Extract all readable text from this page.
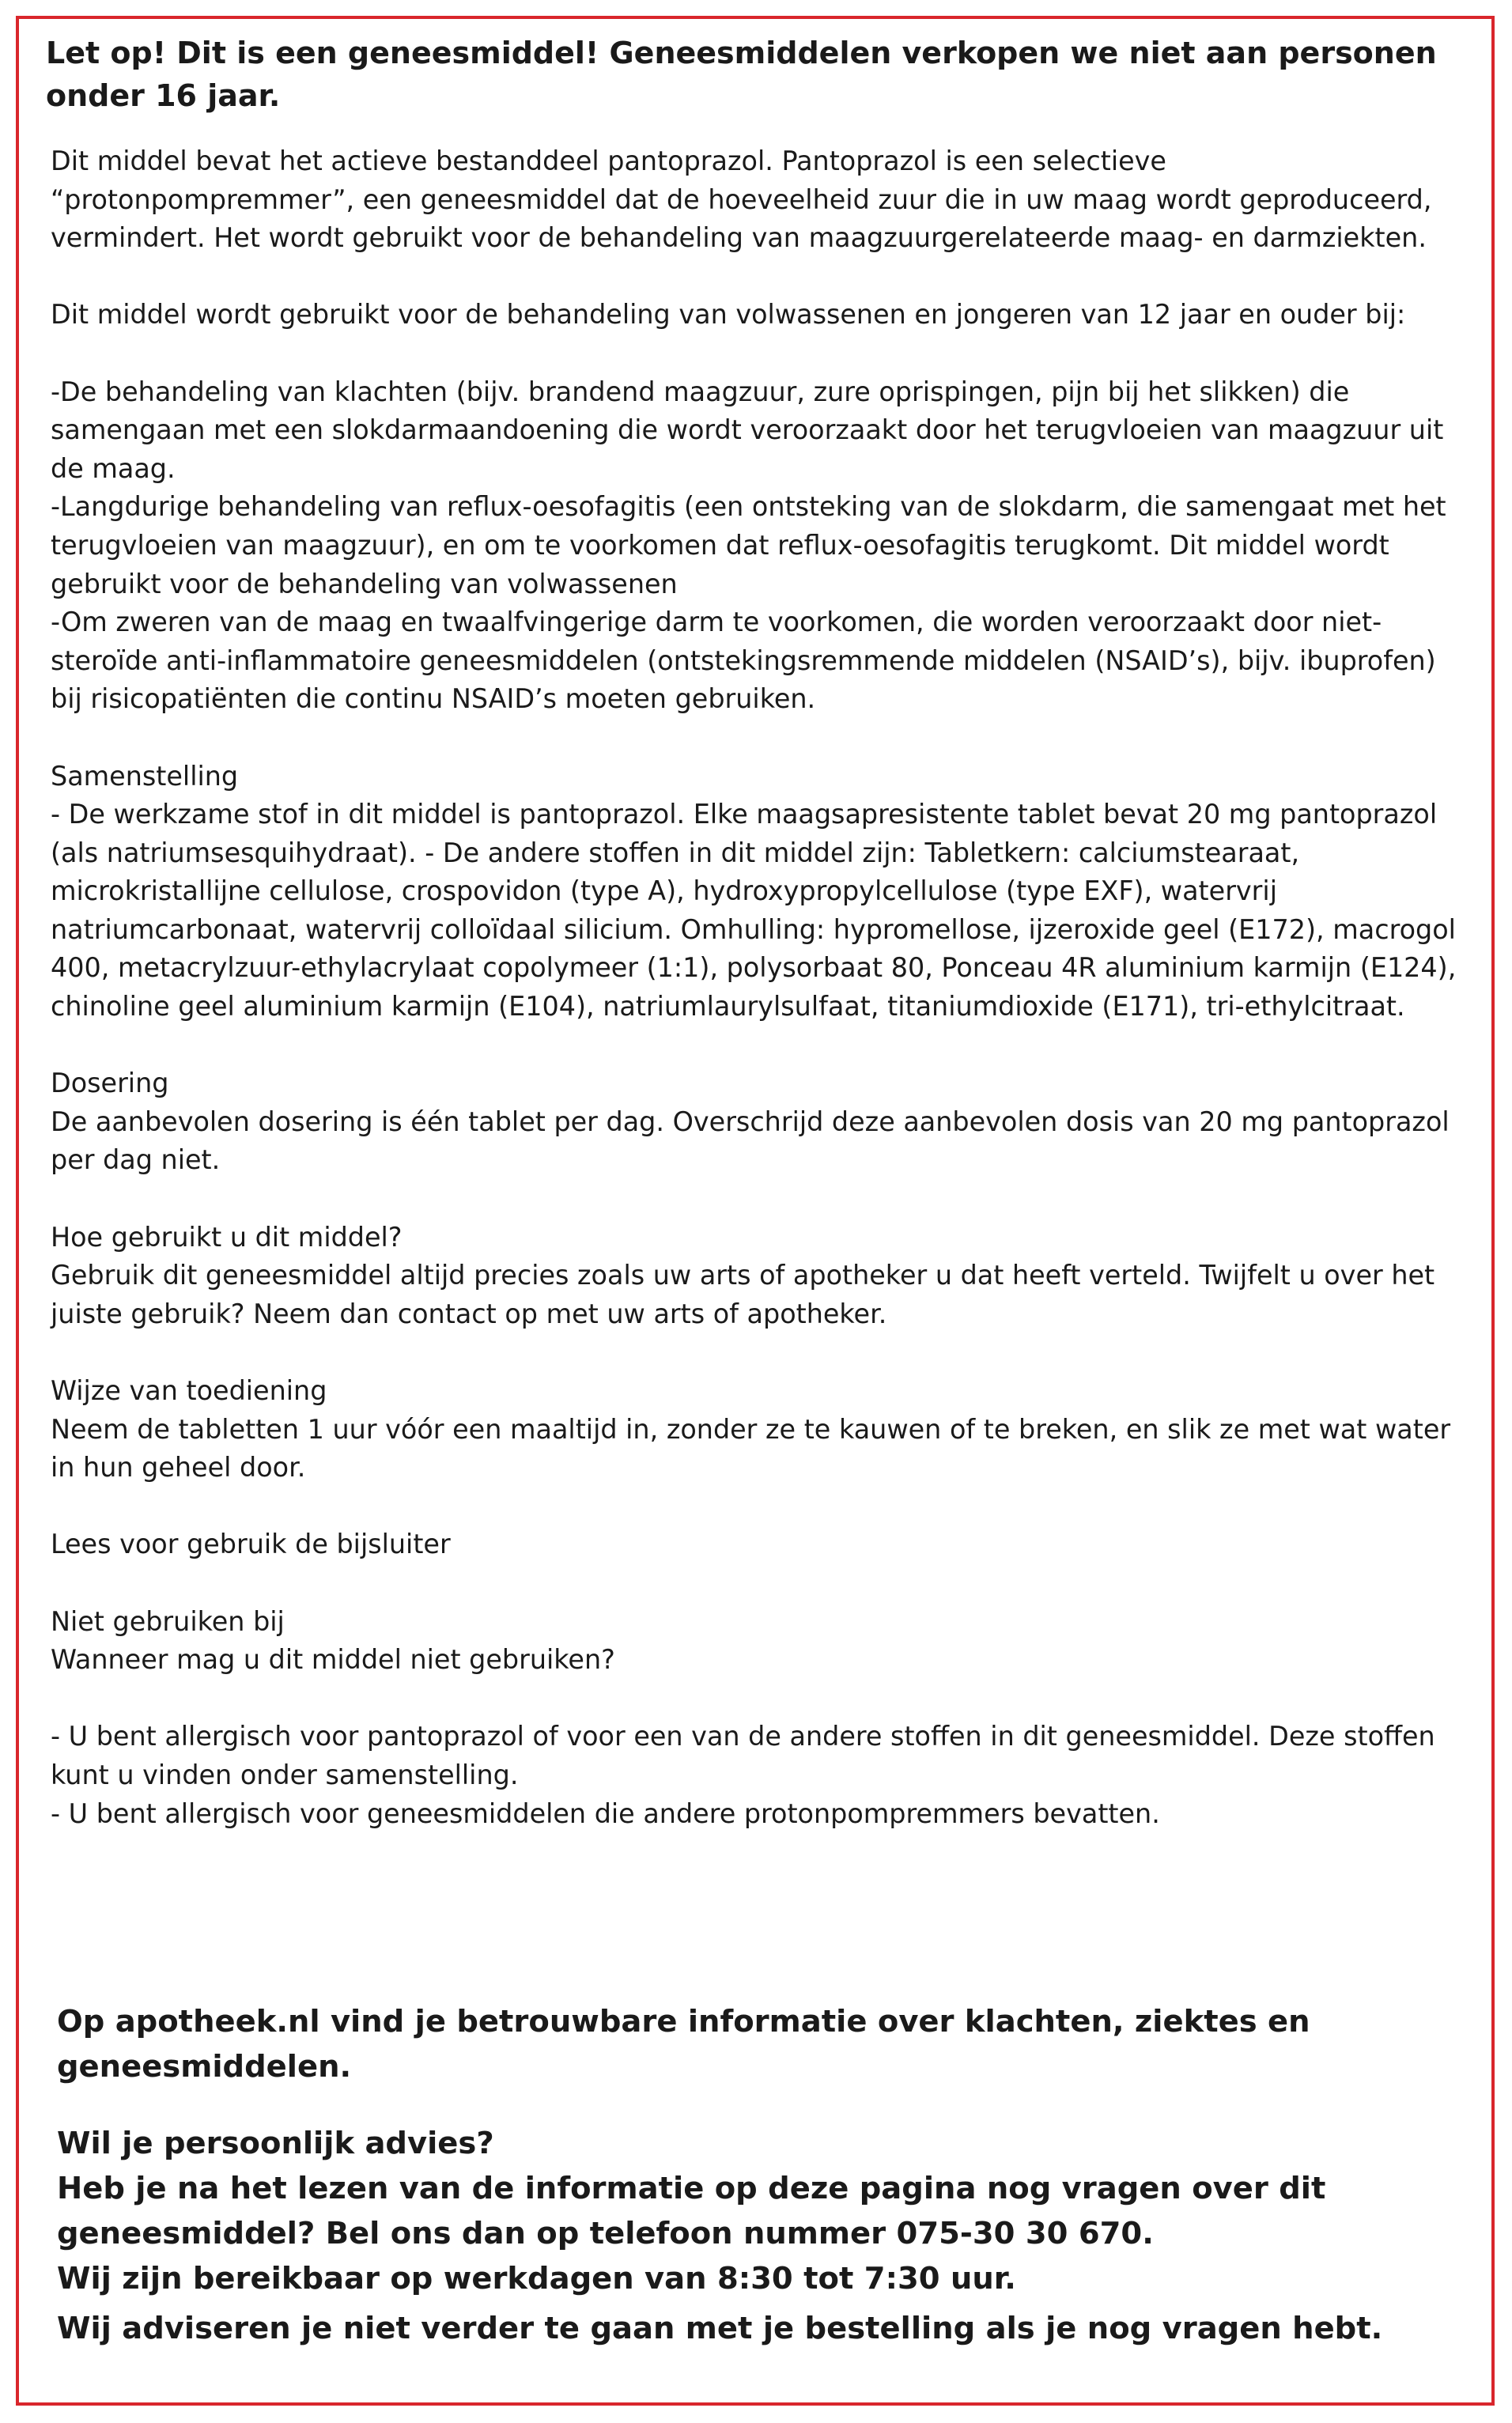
Let op! Dit is een geneesmiddel! Geneesmiddelen verkopen we niet aan personen onder 16 jaar.

Dit middel bevat het actieve bestanddeel pantoprazol. Pantoprazol is een selectieve “protonpompremmer”, een geneesmiddel dat de hoeveelheid zuur die in uw maag wordt geproduceerd, vermindert. Het wordt gebruikt voor de behandeling van maagzuurgerelateerde maag- en darmziekten.

Dit middel wordt gebruikt voor de behandeling van volwassenen en jongeren van 12 jaar en ouder bij:

-De behandeling van klachten (bijv. brandend maagzuur, zure oprispingen, pijn bij het slikken) die samengaan met een slokdarmaandoening die wordt veroorzaakt door het terugvloeien van maagzuur uit de maag.

-Langdurige behandeling van reflux-oesofagitis (een ontsteking van de slokdarm, die samengaat met het terugvloeien van maagzuur), en om te voorkomen dat reflux-oesofagitis terugkomt. Dit middel wordt gebruikt voor de behandeling van volwassenen

-Om zweren van de maag en twaalfvingerige darm te voorkomen, die worden veroorzaakt door niet-steroïde anti-inflammatoire geneesmiddelen (ontstekingsremmende middelen (NSAID’s), bijv. ibuprofen) bij risicopatiënten die continu NSAID’s moeten gebruiken.

Samenstelling

- De werkzame stof in dit middel is pantoprazol. Elke maagsapresistente tablet bevat 20 mg pantoprazol (als natriumsesquihydraat). - De andere stoffen in dit middel zijn: Tabletkern: calciumstearaat, microkristallijne cellulose, crospovidon (type A), hydroxypropylcellulose (type EXF), watervrij natriumcarbonaat, watervrij colloïdaal silicium. Omhulling: hypromellose, ijzeroxide geel (E172), macrogol 400, metacrylzuur-ethylacrylaat copolymeer (1:1), polysorbaat 80, Ponceau 4R aluminium karmijn (E124), chinoline geel aluminium karmijn (E104), natriumlaurylsulfaat, titaniumdioxide (E171), tri-ethylcitraat.

Dosering

De aanbevolen dosering is één tablet per dag. Overschrijd deze aanbevolen dosis van 20 mg pantoprazol per dag niet.

Hoe gebruikt u dit middel?

Gebruik dit geneesmiddel altijd precies zoals uw arts of apotheker u dat heeft verteld. Twijfelt u over het juiste gebruik? Neem dan contact op met uw arts of apotheker.

Wijze van toediening

Neem de tabletten 1 uur vóór een maaltijd in, zonder ze te kauwen of te breken, en slik ze met wat water in hun geheel door.

Lees voor gebruik de bijsluiter

Niet gebruiken bij

Wanneer mag u dit middel niet gebruiken?

- U bent allergisch voor pantoprazol of voor een van de andere stoffen in dit geneesmiddel. Deze stoffen kunt u vinden onder samenstelling.

- U bent allergisch voor geneesmiddelen die andere protonpompremmers bevatten.

Op apotheek.nl vind je betrouwbare informatie over klachten, ziektes en geneesmiddelen.

Wil je persoonlijk advies?

Heb je na het lezen van de informatie op deze pagina nog vragen over dit geneesmiddel? Bel ons dan op telefoon nummer 075-30 30 670.

Wij zijn bereikbaar op werkdagen van 8:30 tot 7:30 uur.

Wij adviseren je niet verder te gaan met je bestelling als je nog vragen hebt.
